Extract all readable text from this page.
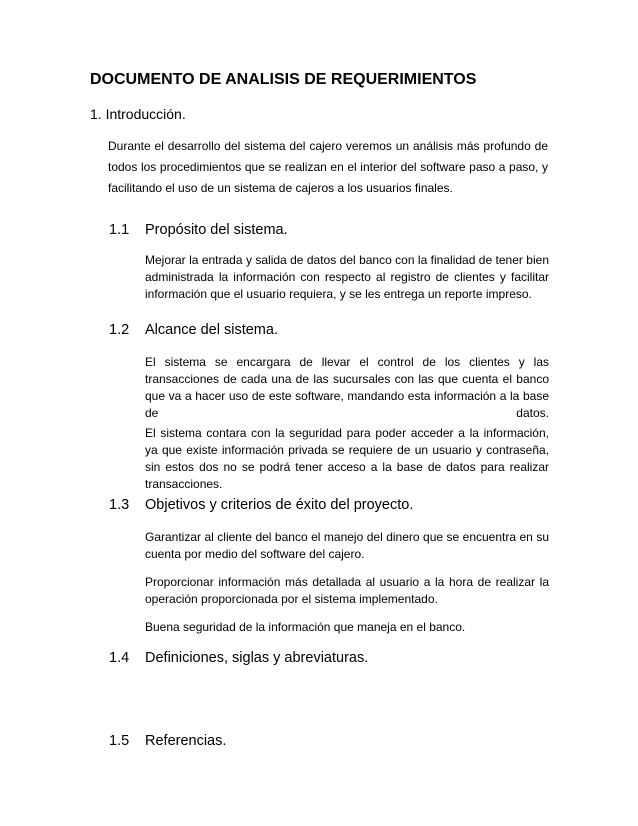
DOCUMENTO DE ANALISIS DE REQUERIMIENTOS
1. Introducción.
Durante el desarrollo del sistema del cajero veremos un análisis más profundo de todos los procedimientos que se realizan en el interior del software paso a paso, y facilitando el uso de un sistema de cajeros a los usuarios finales.
1.1 Propósito del sistema.
Mejorar la entrada y salida de datos del banco con la finalidad de tener bien administrada la información con respecto al registro de clientes y facilitar información que el usuario requiera, y se les entrega un reporte impreso.
1.2 Alcance del sistema.
El sistema se encargara de llevar el control de los clientes y las transacciones de cada una de las sucursales con las que cuenta el banco que va a hacer uso de este software, mandando esta información a la base de datos.
El sistema contara con la seguridad para poder acceder a la información, ya que existe información privada se requiere de un usuario y contraseña, sin estos dos no se podrá tener acceso a la base de datos para realizar transacciones.
1.3 Objetivos y criterios de éxito del proyecto.
Garantizar al cliente del banco el manejo del dinero que se encuentra en su cuenta por medio del software del cajero.
Proporcionar información más detallada al usuario a la hora de realizar la operación proporcionada por el sistema implementado.
Buena seguridad de la información que maneja en el banco.
1.4 Definiciones, siglas y abreviaturas.
1.5 Referencias.
